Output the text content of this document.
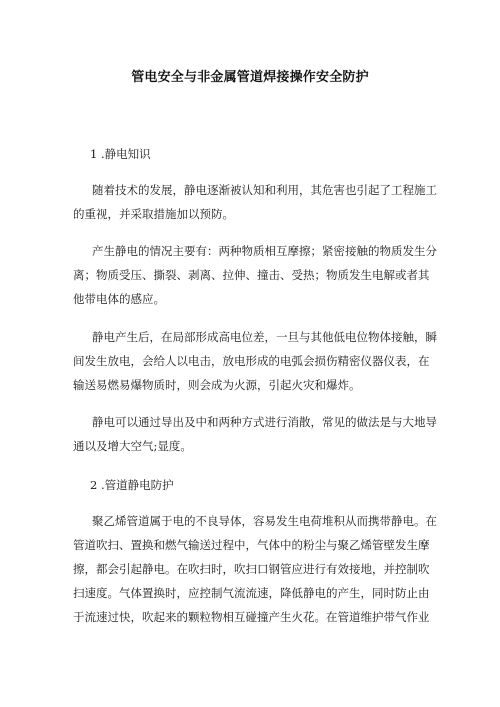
管电安全与非金属管道焊接操作安全防护
1 .静电知识
随着技术的发展，静电逐渐被认知和利用，其危害也引起了工程施工
的重视，并采取措施加以预防。
产生静电的情况主要有：两种物质相互摩擦；紧密接触的物质发生分
离；物质受压、撕裂、剥离、拉伸、撞击、受热；物质发生电解或者其
他带电体的感应。
静电产生后，在局部形成高电位差，一旦与其他低电位物体接触，瞬
间发生放电，会给人以电击，放电形成的电弧会损伤精密仪器仪表，在
输送易燃易爆物质时，则会成为火源，引起火灾和爆炸。
静电可以通过导出及中和两种方式进行消散，常见的做法是与大地导
通以及增大空气;显度。
2 .管道静电防护
聚乙烯管道属于电的不良导体，容易发生电荷堆积从而携带静电。在
管道吹扫、置换和燃气输送过程中，气体中的粉尘与聚乙烯管壁发生摩
擦，都会引起静电。在吹扫时，吹扫口钢管应进行有效接地，并控制吹
扫速度。气体置换时，应控制气流流速，降低静电的产生，同时防止由
于流速过快，吹起来的颗粒物相互碰撞产生火花。在管道维护带气作业
